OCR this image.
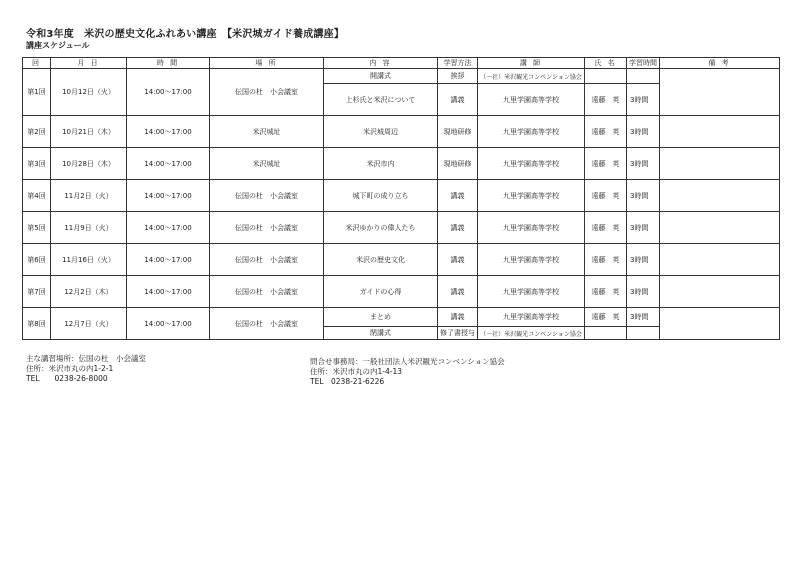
令和3年度　米沢の歴史文化ふれあい講座　【米沢城ガイド養成講座】
講座スケジュール
回	月 日	時 間	場 所	内 容	学習方法	講 師	氏 名	学習時間	備 考
第1回	10月12日（火）	14:00～17:00	伝国の杜　小会議室	開講式	挨拶	（一社）米沢観光コンベンション協会			
				上杉氏と米沢について	講義	九里学園高等学校	遠藤　英	3時間	
第2回	10月21日（木）	14:00～17:00	米沢城址	米沢城周辺	現地研修	九里学園高等学校	遠藤　英	3時間	
第3回	10月28日（木）	14:00～17:00	米沢城址	米沢市内	現地研修	九里学園高等学校	遠藤　英	3時間	
第4回	11月2日（火）	14:00～17:00	伝国の杜　小会議室	城下町の成り立ち	講義	九里学園高等学校	遠藤　英	3時間	
第5回	11月9日（火）	14:00～17:00	伝国の杜　小会議室	米沢ゆかりの偉人たち	講義	九里学園高等学校	遠藤　英	3時間	
第6回	11月16日（火）	14:00～17:00	伝国の杜　小会議室	米沢の歴史文化	講義	九里学園高等学校	遠藤　英	3時間	
第7回	12月2日（木）	14:00～17:00	伝国の杜　小会議室	ガイドの心得	講義	九里学園高等学校	遠藤　英	3時間	
第8回	12月7日（火）	14:00～17:00	伝国の杜　小会議室	まとめ	講義	九里学園高等学校	遠藤　英	3時間	
				閉講式	修了書授与	（一社）米沢観光コンベンション協会			
主な講習場所：伝国の杜　小会議室
住所：米沢市丸の内1-2-1
TEL　　0238-26-8000
問合せ事務局：一般社団法人米沢観光コンベンション協会
住所：米沢市丸の内1-4-13
TEL　0238-21-6226
